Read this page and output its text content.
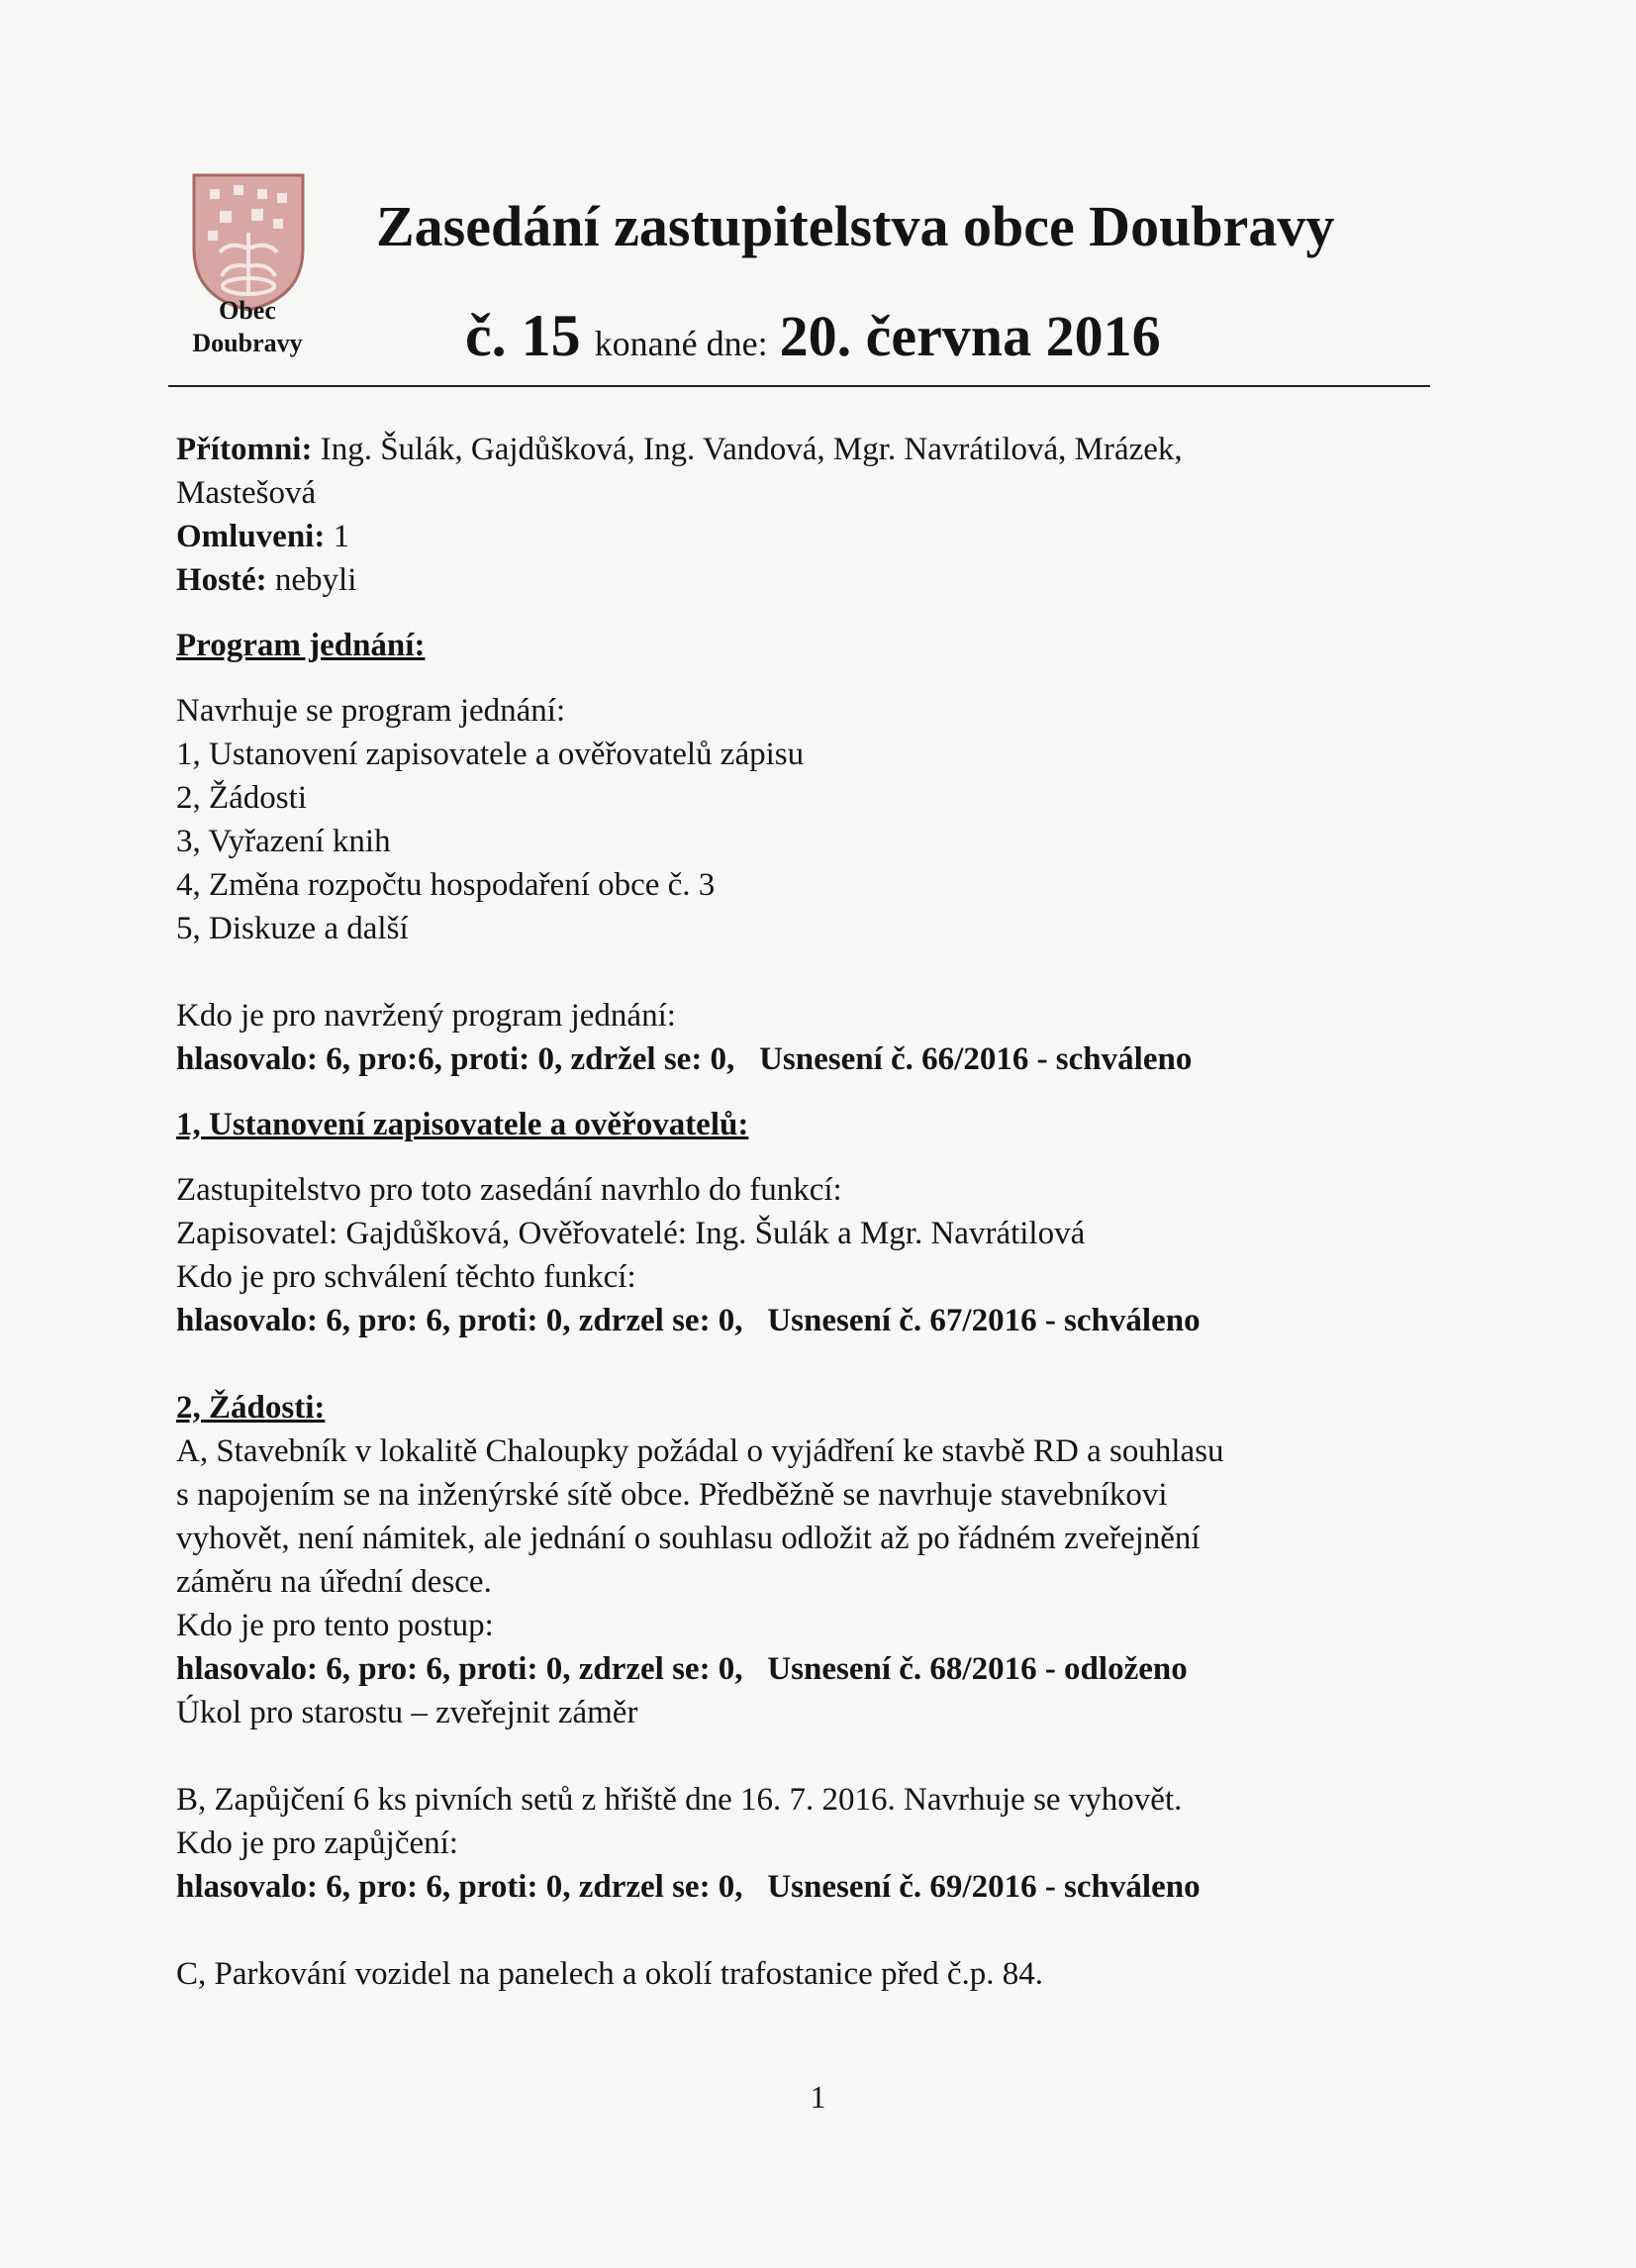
Obec
Doubravy
Zasedání zastupitelstva obce Doubravy
č. 15 konané dne: 20. června 2016

Přítomni: Ing. Šulák, Gajdůšková, Ing. Vandová, Mgr. Navrátilová, Mrázek,

Mastešová

Omluveni: 1

Hosté: nebyli

Program jednání:

Navrhuje se program jednání:

1, Ustanovení zapisovatele a ověřovatelů zápisu

2, Žádosti

3, Vyřazení knih

4, Změna rozpočtu hospodaření obce č. 3

5, Diskuze a další

Kdo je pro navržený program jednání:

hlasovalo: 6, pro:6, proti: 0, zdržel se: 0, Usnesení č. 66/2016 - schváleno

1, Ustanovení zapisovatele a ověřovatelů:

Zastupitelstvo pro toto zasedání navrhlo do funkcí:

Zapisovatel: Gajdůšková, Ověřovatelé: Ing. Šulák a Mgr. Navrátilová

Kdo je pro schválení těchto funkcí:

hlasovalo: 6, pro: 6, proti: 0, zdrzel se: 0, Usnesení č. 67/2016 - schváleno

2, Žádosti:

A, Stavebník v lokalitě Chaloupky požádal o vyjádření ke stavbě RD a souhlasu

s napojením se na inženýrské sítě obce. Předběžně se navrhuje stavebníkovi

vyhovět, není námitek, ale jednání o souhlasu odložit až po řádném zveřejnění

záměru na úřední desce.

Kdo je pro tento postup:

hlasovalo: 6, pro: 6, proti: 0, zdrzel se: 0, Usnesení č. 68/2016 - odloženo

Úkol pro starostu – zveřejnit záměr

B, Zapůjčení 6 ks pivních setů z hřiště dne 16. 7. 2016. Navrhuje se vyhovět.

Kdo je pro zapůjčení:

hlasovalo: 6, pro: 6, proti: 0, zdrzel se: 0, Usnesení č. 69/2016 - schváleno

C, Parkování vozidel na panelech a okolí trafostanice před č.p. 84.

1
